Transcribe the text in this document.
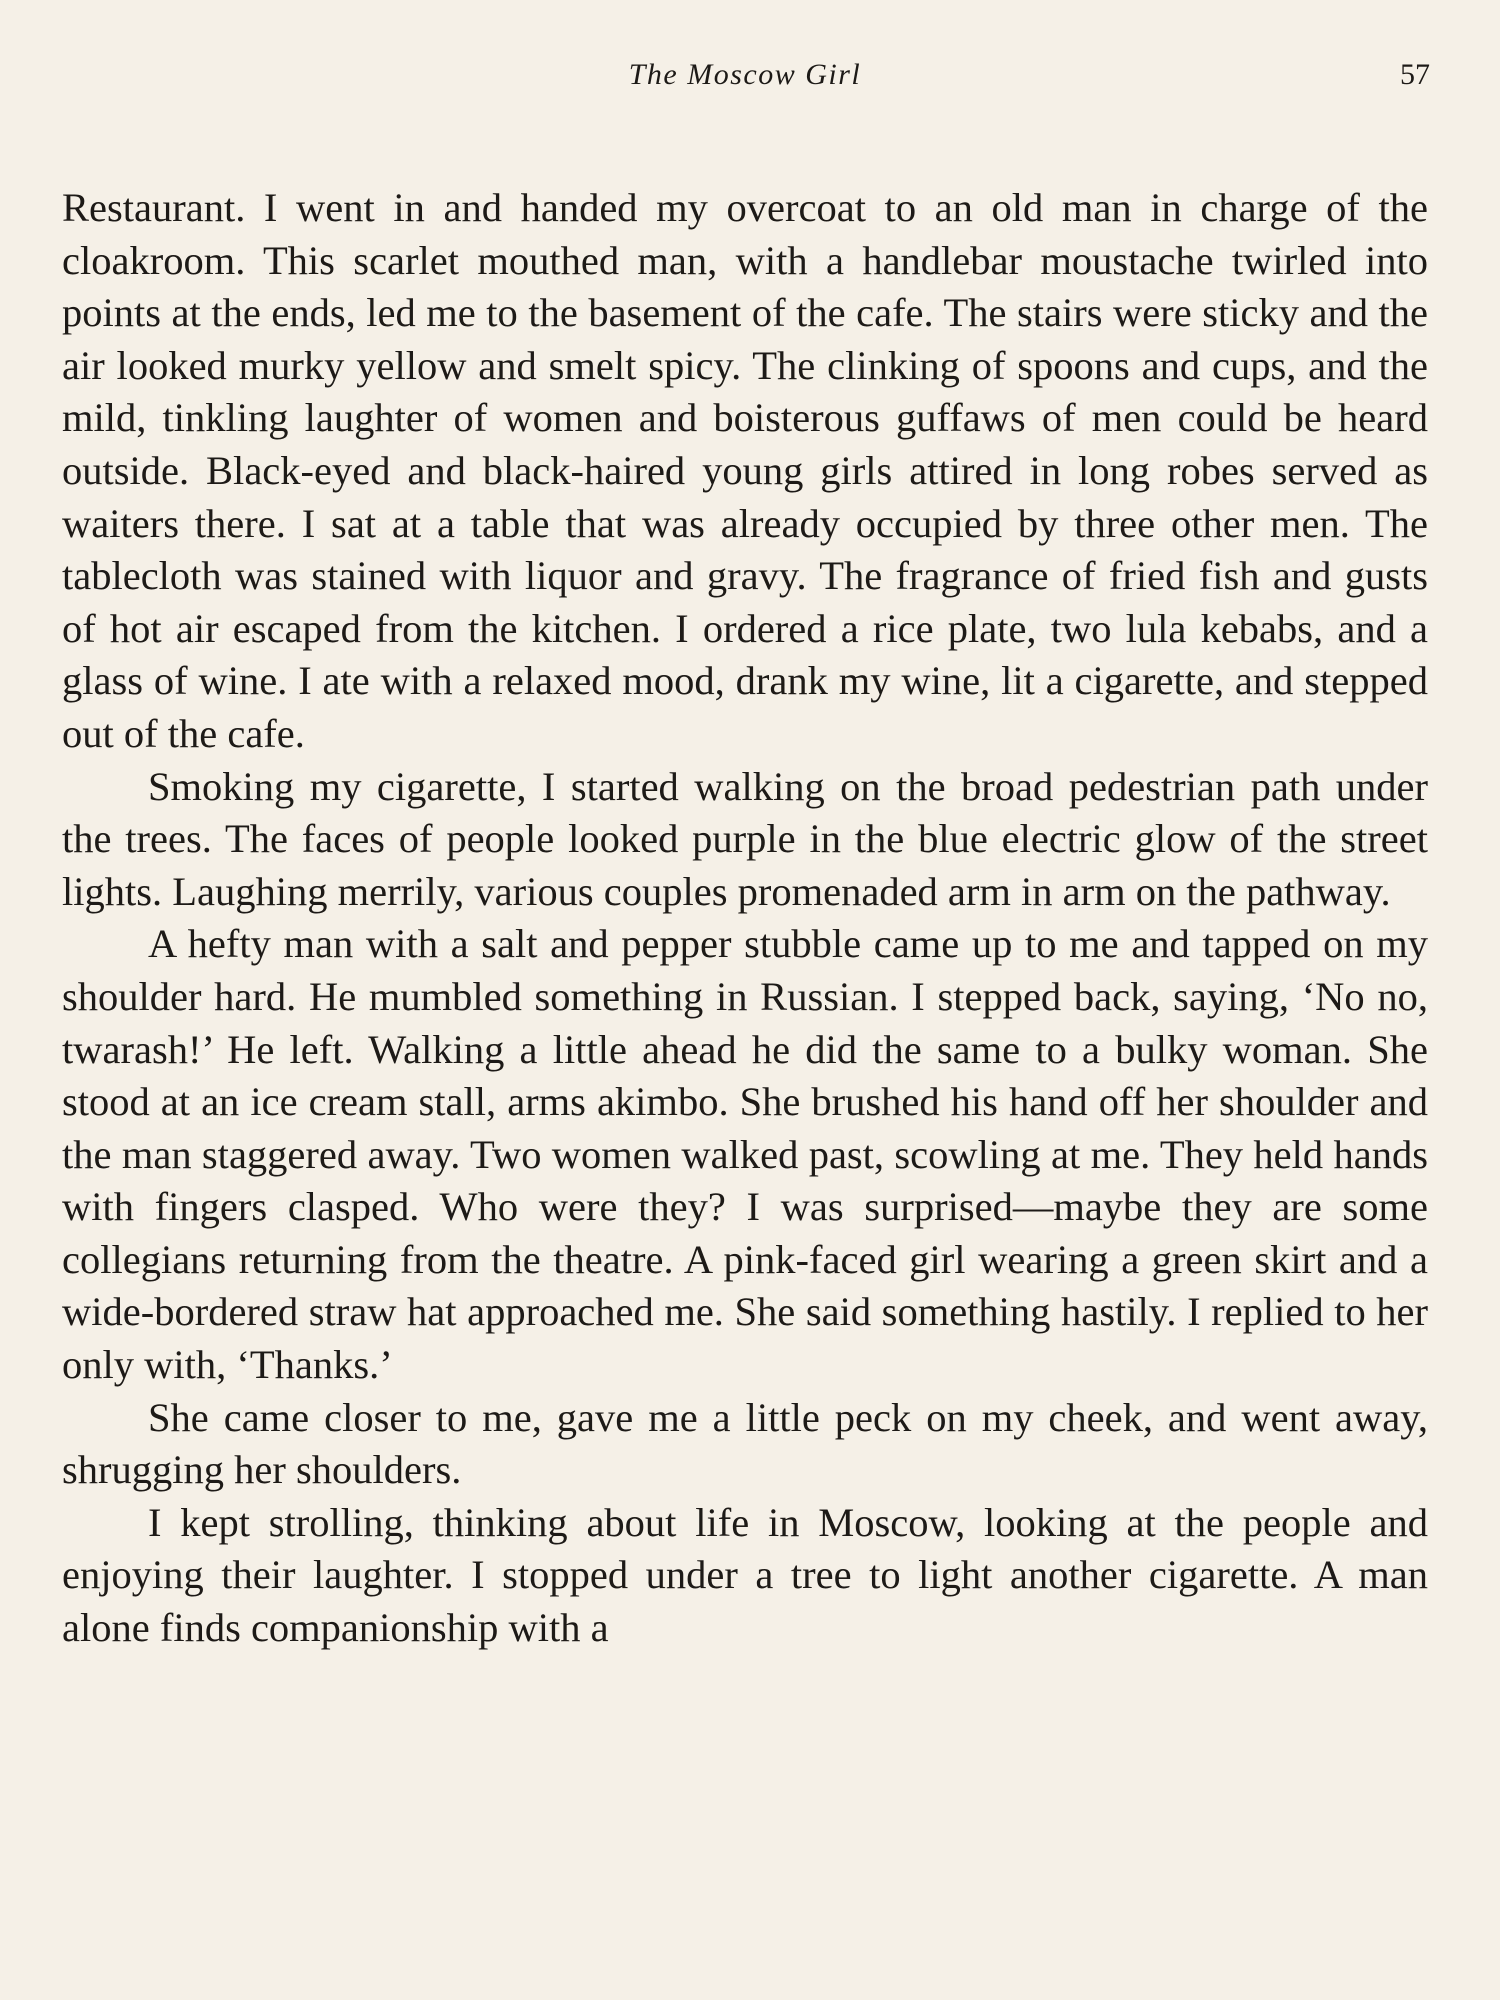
The Moscow Girl	57

Restaurant. I went in and handed my overcoat to an old man in charge of the cloakroom. This scarlet mouthed man, with a handlebar moustache twirled into points at the ends, led me to the basement of the cafe. The stairs were sticky and the air looked murky yellow and smelt spicy. The clinking of spoons and cups, and the mild, tinkling laughter of women and boisterous guffaws of men could be heard outside. Black-eyed and black-haired young girls attired in long robes served as waiters there. I sat at a table that was already occupied by three other men. The tablecloth was stained with liquor and gravy. The fragrance of fried fish and gusts of hot air escaped from the kitchen. I ordered a rice plate, two lula kebabs, and a glass of wine. I ate with a relaxed mood, drank my wine, lit a cigarette, and stepped out of the cafe.

Smoking my cigarette, I started walking on the broad pedestrian path under the trees. The faces of people looked purple in the blue electric glow of the street lights. Laughing merrily, various couples promenaded arm in arm on the pathway.

A hefty man with a salt and pepper stubble came up to me and tapped on my shoulder hard. He mumbled something in Russian. I stepped back, saying, ‘No no, twarash!’ He left. Walking a little ahead he did the same to a bulky woman. She stood at an ice cream stall, arms akimbo. She brushed his hand off her shoulder and the man staggered away. Two women walked past, scowling at me. They held hands with fingers clasped. Who were they? I was surprised—maybe they are some collegians returning from the theatre. A pink-faced girl wearing a green skirt and a wide-bordered straw hat approached me. She said something hastily. I replied to her only with, ‘Thanks.’

She came closer to me, gave me a little peck on my cheek, and went away, shrugging her shoulders.

I kept strolling, thinking about life in Moscow, looking at the people and enjoying their laughter. I stopped under a tree to light another cigarette. A man alone finds companionship with a
